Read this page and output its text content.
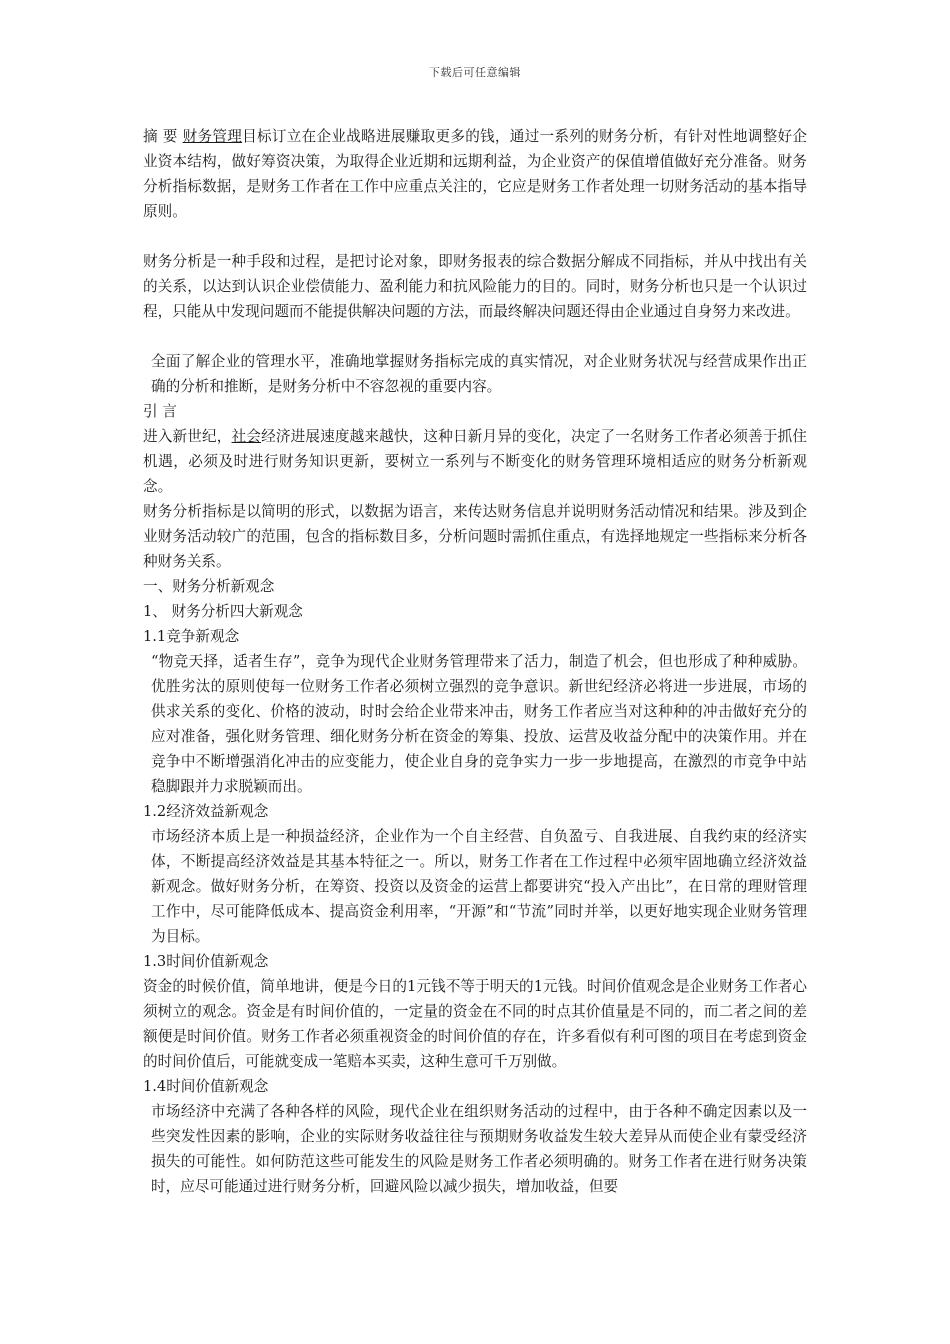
下载后可任意编辑

摘 要 财务管理目标订立在企业战略进展赚取更多的钱，通过一系列的财务分析，有针对性地调整好企业资本结构，做好筹资决策，为取得企业近期和远期利益，为企业资产的保值增值做好充分准备。财务分析指标数据，是财务工作者在工作中应重点关注的，它应是财务工作者处理一切财务活动的基本指导原则。

财务分析是一种手段和过程，是把讨论对象，即财务报表的综合数据分解成不同指标，并从中找出有关的关系，以达到认识企业偿债能力、盈利能力和抗风险能力的目的。同时，财务分析也只是一个认识过程，只能从中发现问题而不能提供解决问题的方法，而最终解决问题还得由企业通过自身努力来改进。

全面了解企业的管理水平，准确地掌握财务指标完成的真实情况，对企业财务状况与经营成果作出正确的分析和推断，是财务分析中不容忽视的重要内容。

引 言

进入新世纪，社会经济进展速度越来越快，这种日新月异的变化，决定了一名财务工作者必须善于抓住机遇，必须及时进行财务知识更新，要树立一系列与不断变化的财务管理环境相适应的财务分析新观念。

财务分析指标是以简明的形式，以数据为语言，来传达财务信息并说明财务活动情况和结果。涉及到企业财务活动较广的范围，包含的指标数目多，分析问题时需抓住重点，有选择地规定一些指标来分析各种财务关系。

一、财务分析新观念

1、 财务分析四大新观念

1.1竞争新观念

“物竞天择，适者生存”，竞争为现代企业财务管理带来了活力，制造了机会，但也形成了种种威胁。优胜劣汰的原则使每一位财务工作者必须树立强烈的竞争意识。新世纪经济必将进一步进展，市场的供求关系的变化、价格的波动，时时会给企业带来冲击，财务工作者应当对这种种的冲击做好充分的应对准备，强化财务管理、细化财务分析在资金的筹集、投放、运营及收益分配中的决策作用。并在竞争中不断增强消化冲击的应变能力，使企业自身的竞争实力一步一步地提高，在激烈的市竞争中站稳脚跟并力求脱颖而出。

1.2经济效益新观念

市场经济本质上是一种损益经济，企业作为一个自主经营、自负盈亏、自我进展、自我约束的经济实体，不断提高经济效益是其基本特征之一。所以，财务工作者在工作过程中必须牢固地确立经济效益新观念。做好财务分析，在筹资、投资以及资金的运营上都要讲究“投入产出比”，在日常的理财管理工作中，尽可能降低成本、提高资金利用率，“开源”和“节流”同时并举，以更好地实现企业财务管理为目标。

1.3时间价值新观念

资金的时候价值，简单地讲，便是今日的1元钱不等于明天的1元钱。时间价值观念是企业财务工作者心须树立的观念。资金是有时间价值的，一定量的资金在不同的时点其价值量是不同的，而二者之间的差额便是时间价值。财务工作者必须重视资金的时间价值的存在，许多看似有利可图的项目在考虑到资金的时间价值后，可能就变成一笔赔本买卖，这种生意可千万别做。

1.4时间价值新观念

市场经济中充满了各种各样的风险，现代企业在组织财务活动的过程中，由于各种不确定因素以及一些突发性因素的影响，企业的实际财务收益往往与预期财务收益发生较大差异从而使企业有蒙受经济损失的可能性。如何防范这些可能发生的风险是财务工作者必须明确的。财务工作者在进行财务决策时，应尽可能通过进行财务分析，回避风险以减少损失，增加收益，但要
